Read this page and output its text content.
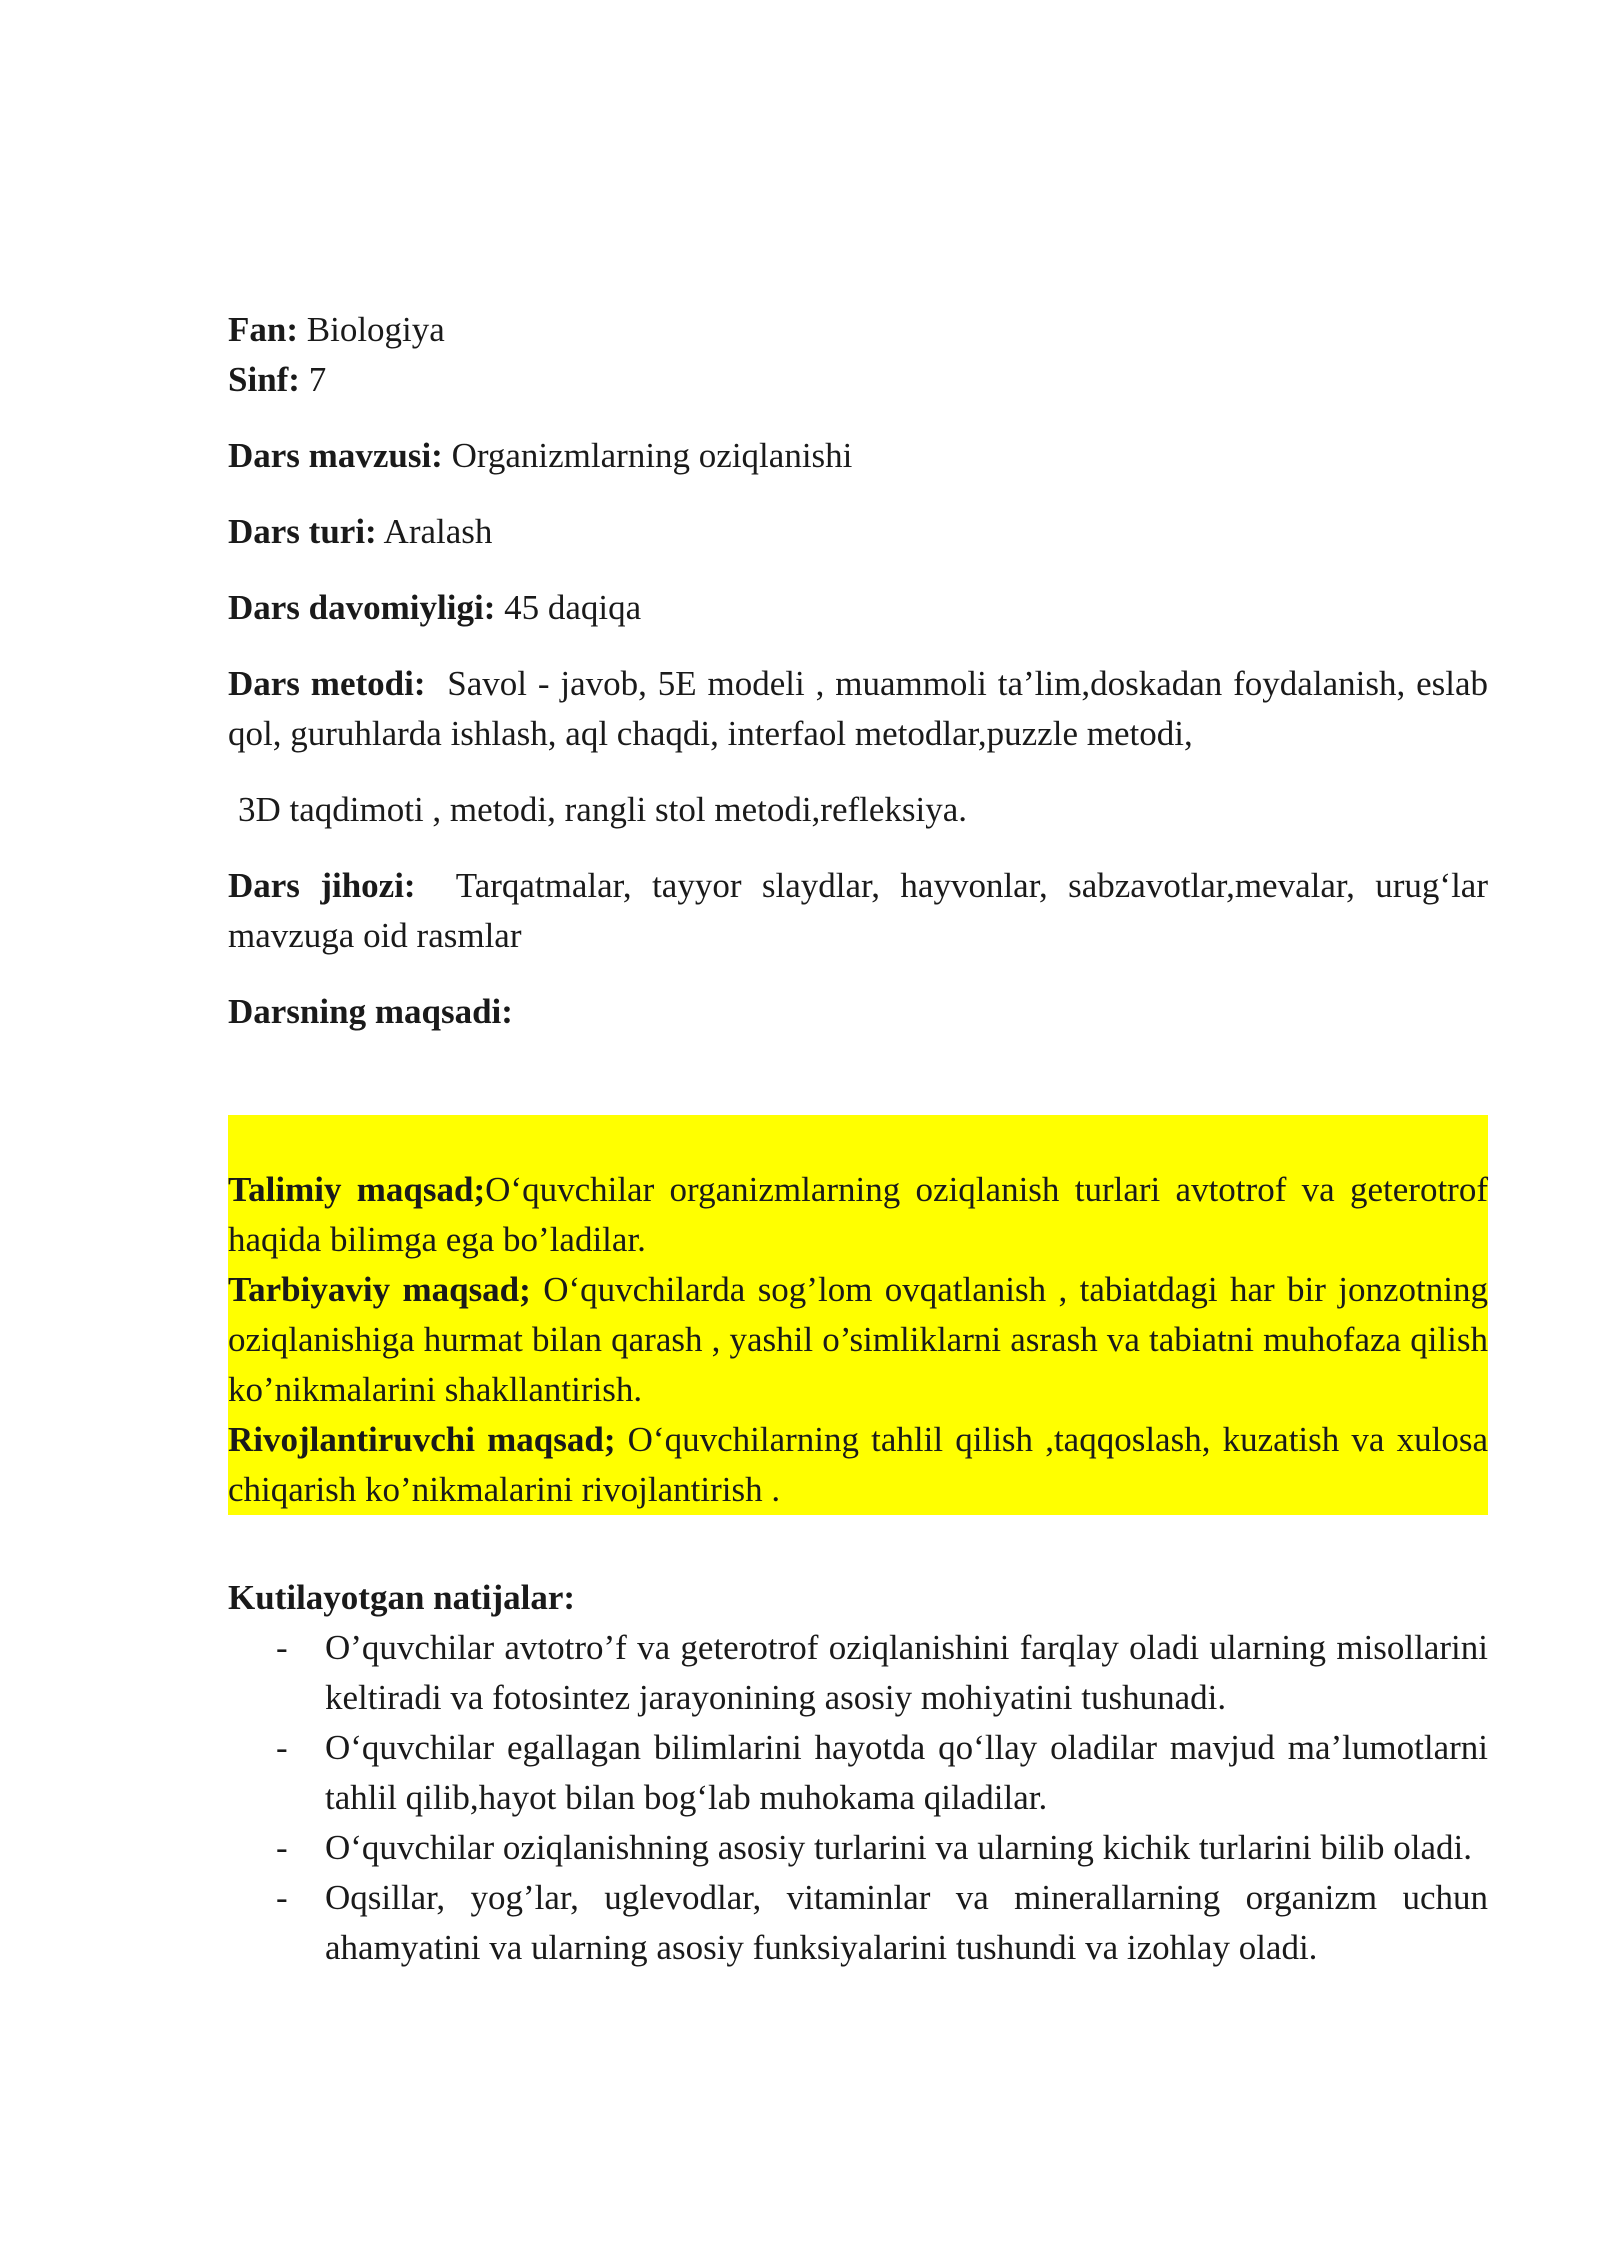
Fan: Biologiya

Sinf: 7

Dars mavzusi: Organizmlarning oziqlanishi

Dars turi: Aralash

Dars davomiyligi: 45 daqiqa

Dars metodi: Savol - javob, 5E modeli , muammoli ta’lim,doskadan foydalanish, eslab qol, guruhlarda ishlash, aql chaqdi, interfaol metodlar,puzzle metodi,

3D taqdimoti , metodi, rangli stol metodi,refleksiya.

Dars jihozi: Tarqatmalar, tayyor slaydlar, hayvonlar, sabzavotlar,mevalar, urug‘lar mavzuga oid rasmlar

Darsning maqsadi:

Talimiy maqsad;O‘quvchilar organizmlarning oziqlanish turlari avtotrof va geterotrof haqida bilimga ega bo’ladilar.

Tarbiyaviy maqsad; O‘quvchilarda sog’lom ovqatlanish , tabiatdagi har bir jonzotning oziqlanishiga hurmat bilan qarash , yashil o’simliklarni asrash va tabiatni muhofaza qilish ko’nikmalarini shakllantirish.

Rivojlantiruvchi maqsad; O‘quvchilarning tahlil qilish ,taqqoslash, kuzatish va xulosa chiqarish ko’nikmalarini rivojlantirish .

Kutilayotgan natijalar:

- O’quvchilar avtotro’f va geterotrof oziqlanishini farqlay oladi ularning misollarini keltiradi va fotosintez jarayonining asosiy mohiyatini tushunadi.
- O‘quvchilar egallagan bilimlarini hayotda qo‘llay oladilar mavjud ma’lumotlarni tahlil qilib,hayot bilan bog‘lab muhokama qiladilar.
- O‘quvchilar oziqlanishning asosiy turlarini va ularning kichik turlarini bilib oladi.
- Oqsillar, yog’lar, uglevodlar, vitaminlar va minerallarning organizm uchun ahamyatini va ularning asosiy funksiyalarini tushundi va izohlay oladi.
